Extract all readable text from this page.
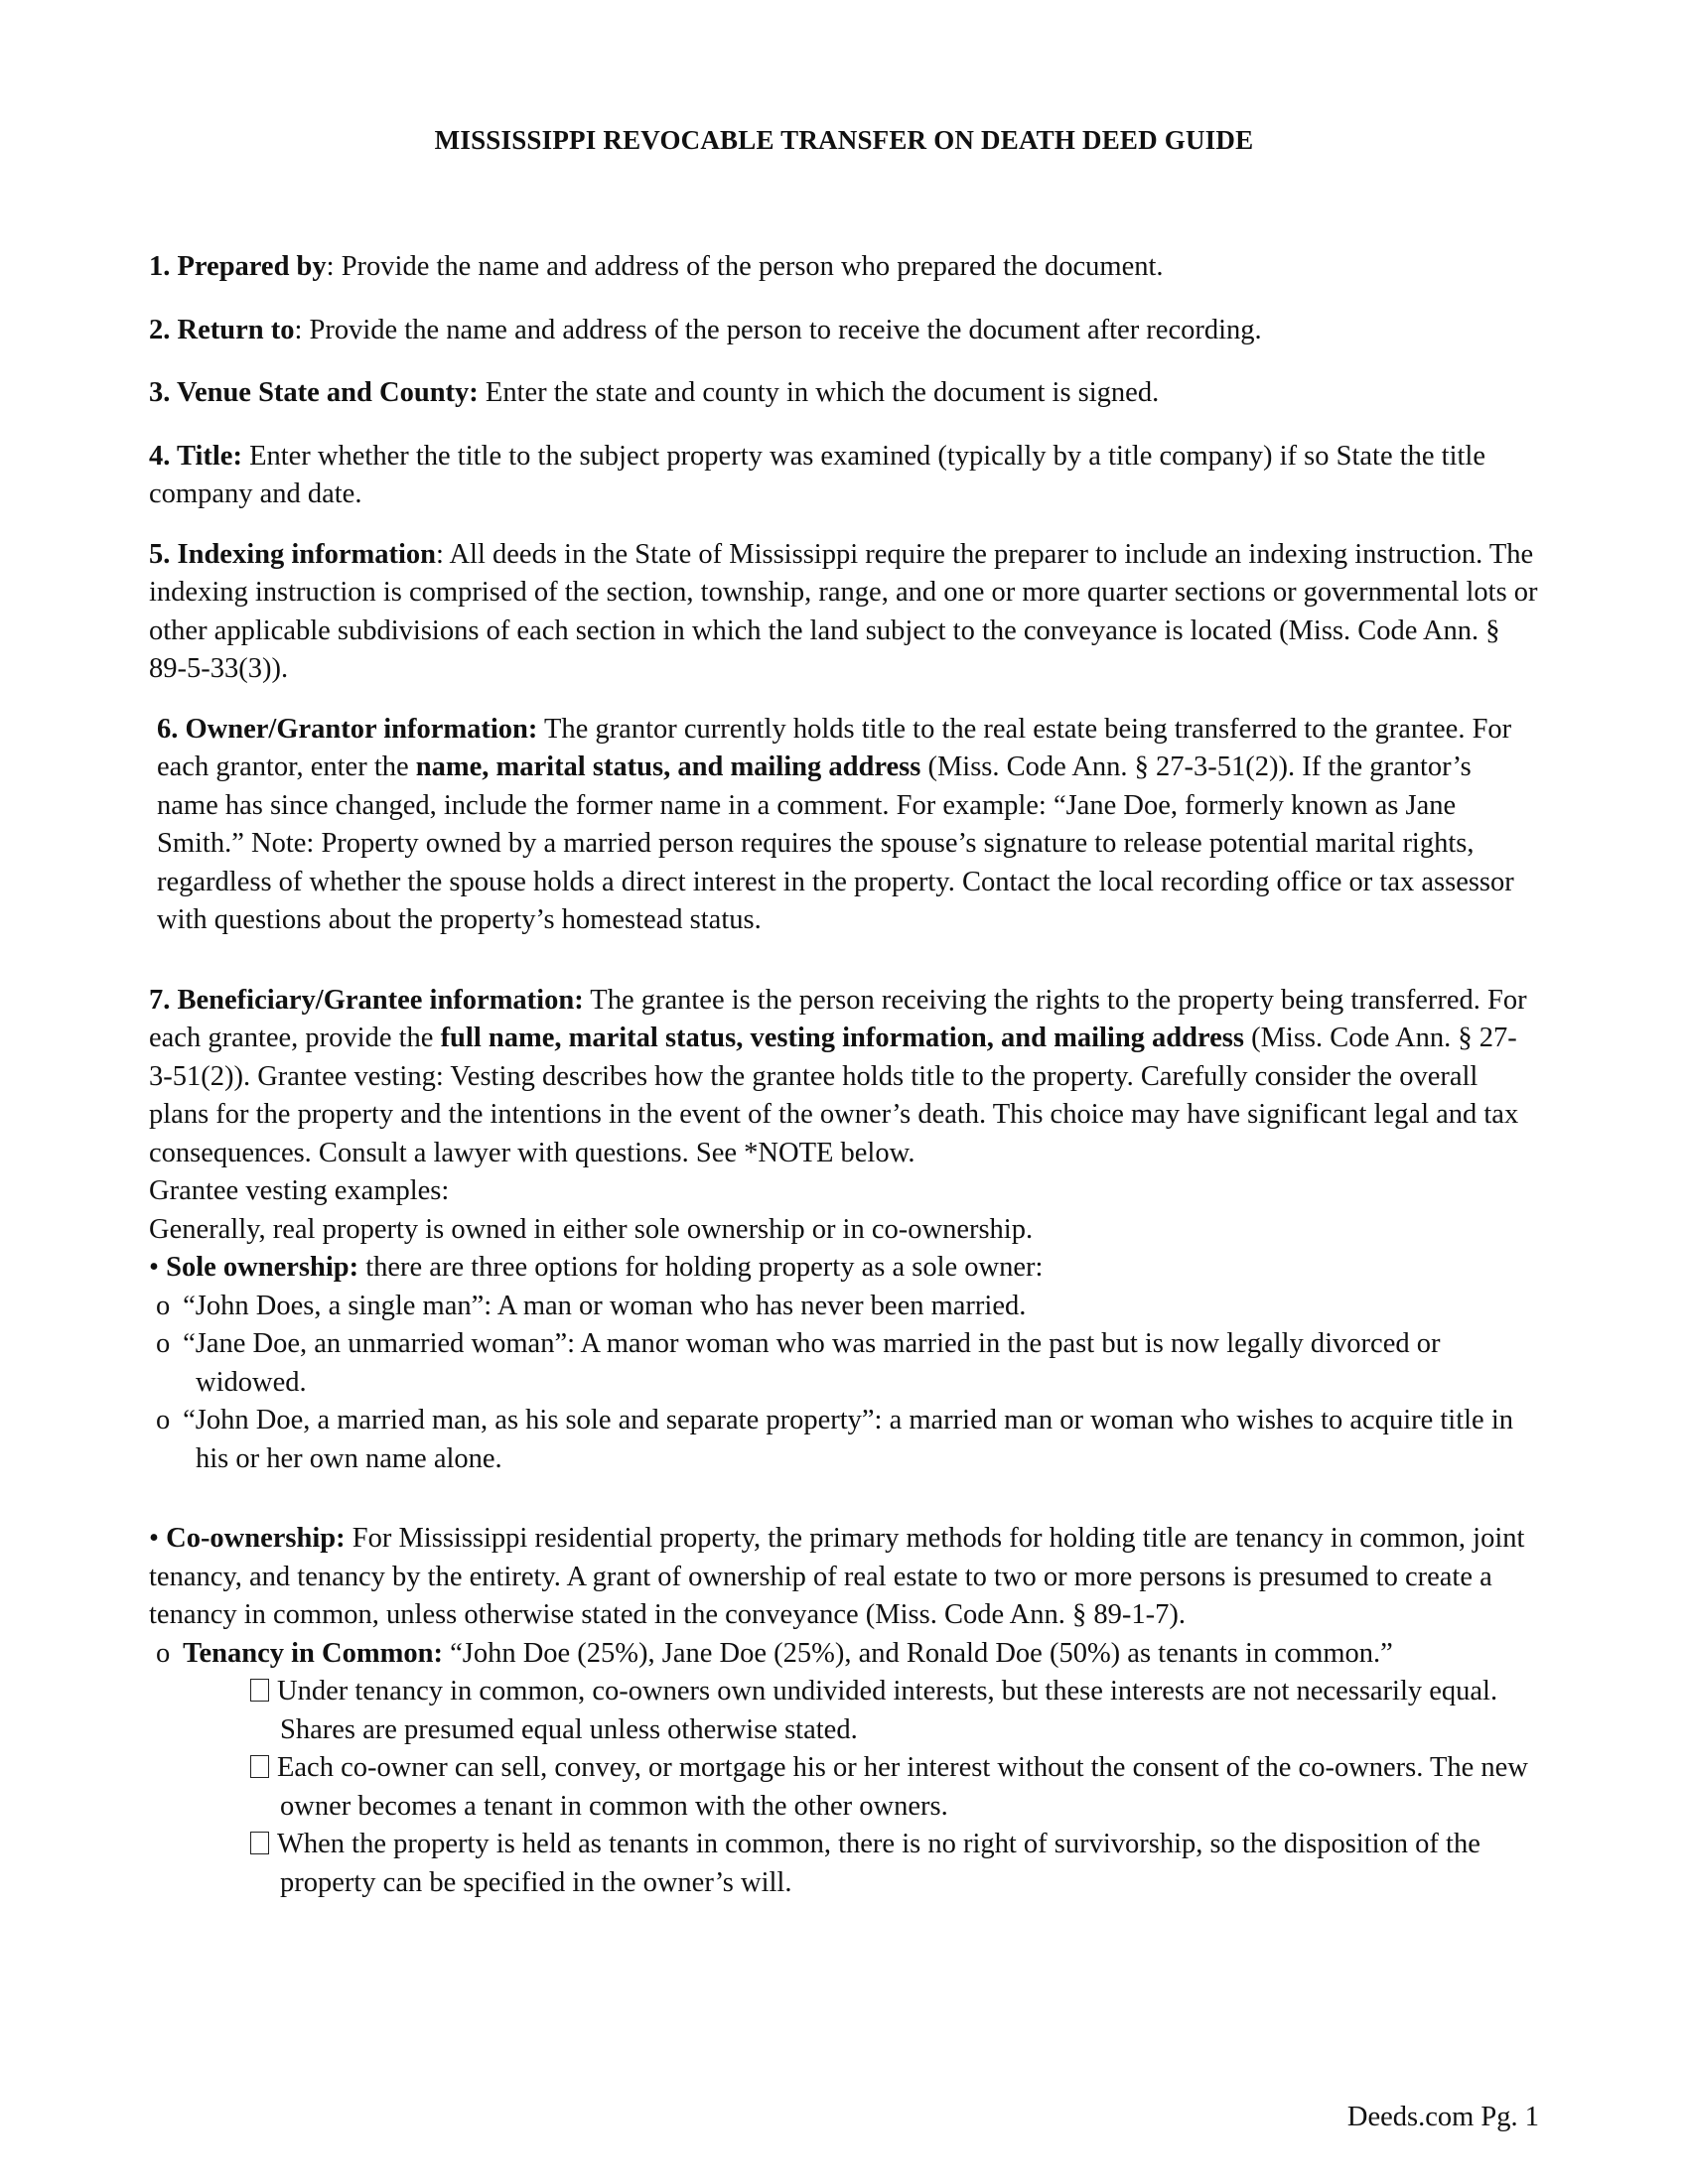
MISSISSIPPI REVOCABLE TRANSFER ON DEATH DEED GUIDE

1. Prepared by: Provide the name and address of the person who prepared the document.

2. Return to: Provide the name and address of the person to receive the document after recording.

3. Venue State and County: Enter the state and county in which the document is signed.

4. Title: Enter whether the title to the subject property was examined (typically by a title company) if so State the title company and date.

5. Indexing information: All deeds in the State of Mississippi require the preparer to include an indexing instruction. The indexing instruction is comprised of the section, township, range, and one or more quarter sections or governmental lots or other applicable subdivisions of each section in which the land subject to the conveyance is located (Miss. Code Ann. § 89-5-33(3)).

6. Owner/Grantor information: The grantor currently holds title to the real estate being transferred to the grantee. For each grantor, enter the name, marital status, and mailing address (Miss. Code Ann. § 27-3-51(2)). If the grantor’s name has since changed, include the former name in a comment. For example: “Jane Doe, formerly known as Jane Smith.” Note: Property owned by a married person requires the spouse’s signature to release potential marital rights, regardless of whether the spouse holds a direct interest in the property. Contact the local recording office or tax assessor with questions about the property’s homestead status.

7. Beneficiary/Grantee information: The grantee is the person receiving the rights to the property being transferred. For each grantee, provide the full name, marital status, vesting information, and mailing address (Miss. Code Ann. § 27-3-51(2)). Grantee vesting: Vesting describes how the grantee holds title to the property. Carefully consider the overall plans for the property and the intentions in the event of the owner’s death. This choice may have significant legal and tax consequences. Consult a lawyer with questions. See *NOTE below.

Grantee vesting examples:

Generally, real property is owned in either sole ownership or in co-ownership.

• Sole ownership: there are three options for holding property as a sole owner:

o “John Does, a single man”: A man or woman who has never been married.

o “Jane Doe, an unmarried woman”: A manor woman who was married in the past but is now legally divorced or widowed.

o “John Doe, a married man, as his sole and separate property”: a married man or woman who wishes to acquire title in his or her own name alone.

• Co-ownership: For Mississippi residential property, the primary methods for holding title are tenancy in common, joint tenancy, and tenancy by the entirety. A grant of ownership of real estate to two or more persons is presumed to create a tenancy in common, unless otherwise stated in the conveyance (Miss. Code Ann. § 89-1-7).

o Tenancy in Common: “John Doe (25%), Jane Doe (25%), and Ronald Doe (50%) as tenants in common.”

Under tenancy in common, co-owners own undivided interests, but these interests are not necessarily equal. Shares are presumed equal unless otherwise stated.

Each co-owner can sell, convey, or mortgage his or her interest without the consent of the co-owners. The new owner becomes a tenant in common with the other owners.

When the property is held as tenants in common, there is no right of survivorship, so the disposition of the property can be specified in the owner’s will.

Deeds.com Pg. 1
